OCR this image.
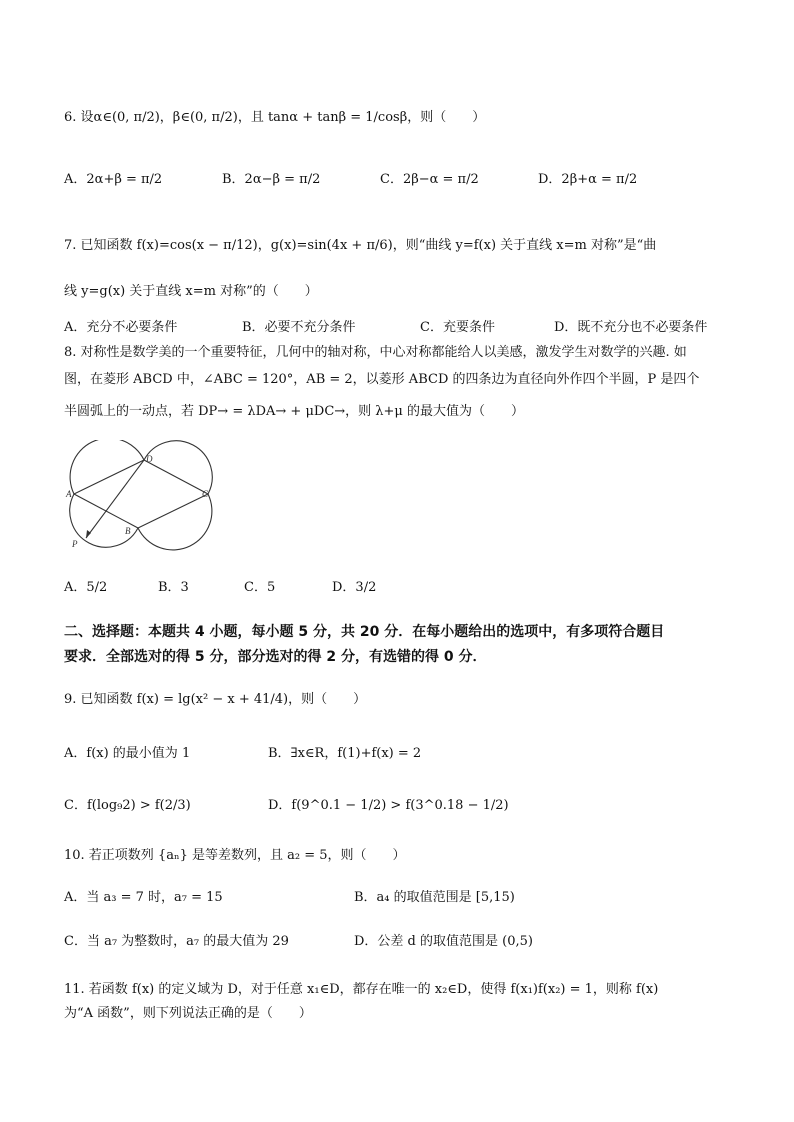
6. 设α∈(0, π/2)，β∈(0, π/2)，且 tanα + tanβ = 1/cosβ，则（　　）
A．2α+β = π/2	B．2α−β = π/2	C．2β−α = π/2	D．2β+α = π/2
7. 已知函数 f(x)=cos(x − π/12)，g(x)=sin(4x + π/6)，则“曲线 y=f(x) 关于直线 x=m 对称”是“曲
线 y=g(x) 关于直线 x=m 对称”的（　　）
A．充分不必要条件	B．必要不充分条件	C．充要条件	D．既不充分也不必要条件
8. 对称性是数学美的一个重要特征，几何中的轴对称，中心对称都能给人以美感，激发学生对数学的兴趣. 如
图，在菱形 ABCD 中，∠ABC = 120°，AB = 2，以菱形 ABCD 的四条边为直径向外作四个半圆，P 是四个
半圆弧上的一动点，若 DP→ = λDA→ + μDC→，则 λ+μ 的最大值为（　　）
A
B
C
D
P
A．5/2	B．3	C．5	D．3/2
二、选择题：本题共 4 小题，每小题 5 分，共 20 分．在每小题给出的选项中，有多项符合题目
要求．全部选对的得 5 分，部分选对的得 2 分，有选错的得 0 分．
9. 已知函数 f(x) = lg(x² − x + 41/4)，则（　　）
A．f(x) 的最小值为 1	B．∃x∈R，f(1)+f(x) = 2
C．f(log₉2) > f(2/3)	D．f(9^0.1 − 1/2) > f(3^0.18 − 1/2)
10. 若正项数列 {aₙ} 是等差数列，且 a₂ = 5，则（　　）
A．当 a₃ = 7 时，a₇ = 15	B．a₄ 的取值范围是 [5,15)
C．当 a₇ 为整数时，a₇ 的最大值为 29	D．公差 d 的取值范围是 (0,5)
11. 若函数 f(x) 的定义域为 D，对于任意 x₁∈D，都存在唯一的 x₂∈D，使得 f(x₁)f(x₂) = 1，则称 f(x)
为“A 函数”，则下列说法正确的是（　　）
